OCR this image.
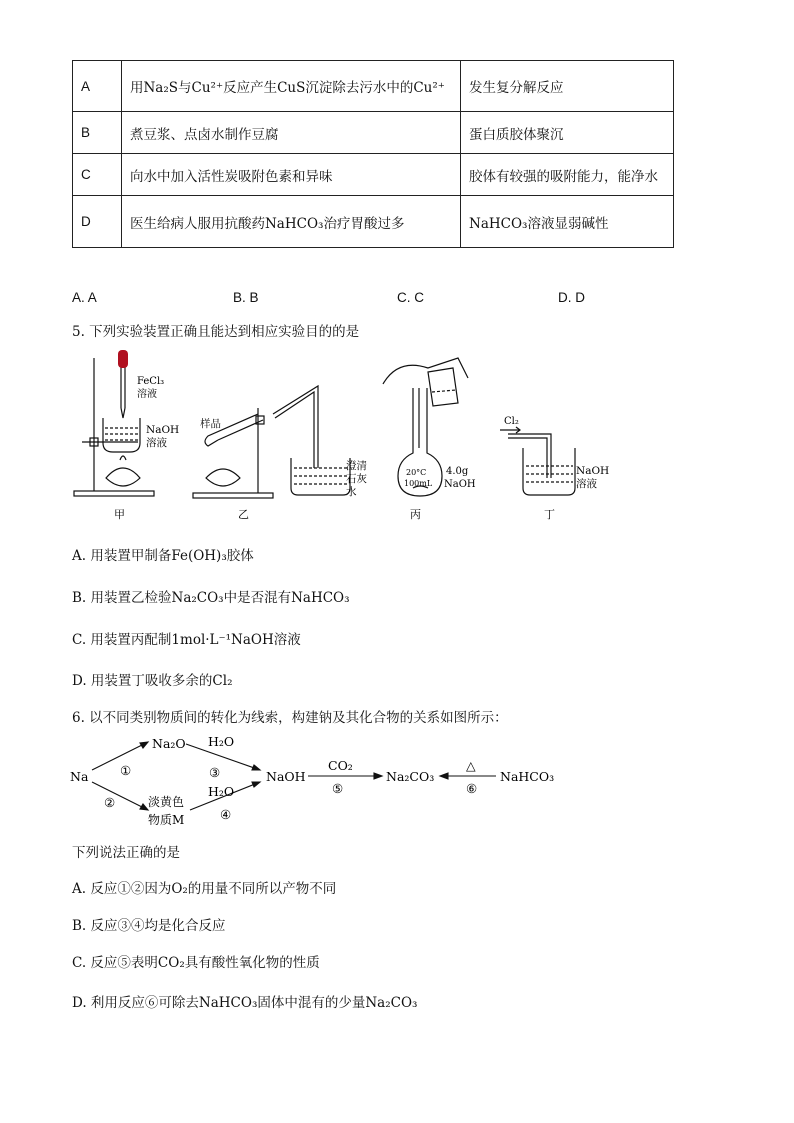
A	用Na₂S与Cu²⁺反应产生CuS沉淀除去污水中的Cu²⁺	发生复分解反应
B	煮豆浆、点卤水制作豆腐	蛋白质胶体聚沉
C	向水中加入活性炭吸附色素和异味	胶体有较强的吸附能力，能净水
D	医生给病人服用抗酸药NaHCO₃治疗胃酸过多	NaHCO₃溶液显弱碱性
A. A	B. B	C. C	D. D
5. 下列实验装置正确且能达到相应实验目的的是
FeCl₃
溶液
NaOH
溶液
甲
样品
澄清
石灰
水
乙
20°C
100mL
4.0g
NaOH
丙
Cl₂
NaOH
溶液
丁
A. 用装置甲制备Fe(OH)₃胶体
B. 用装置乙检验Na₂CO₃中是否混有NaHCO₃
C. 用装置丙配制1mol·L⁻¹NaOH溶液
D. 用装置丁吸收多余的Cl₂
6. 以不同类别物质间的转化为线索，构建钠及其化合物的关系如图所示：
Na
Na₂O
淡黄色
物质M
H₂O
H₂O
NaOH
CO₂
Na₂CO₃
△
NaHCO₃
①
②
③
④
⑤	⑥
下列说法正确的是
A. 反应①②因为O₂的用量不同所以产物不同
B. 反应③④均是化合反应
C. 反应⑤表明CO₂具有酸性氧化物的性质
D. 利用反应⑥可除去NaHCO₃固体中混有的少量Na₂CO₃
